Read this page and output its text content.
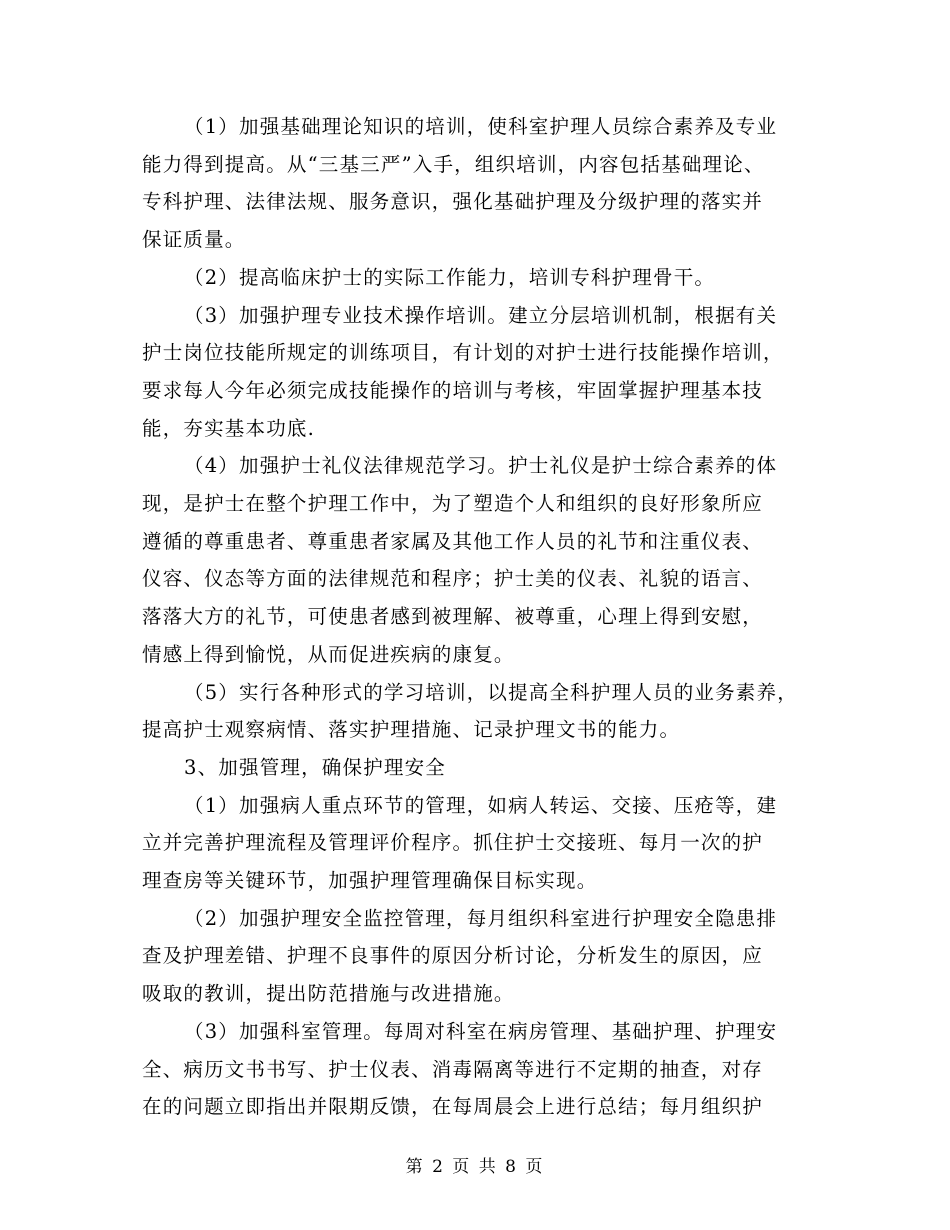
（1）加强基础理论知识的培训，使科室护理人员综合素养及专业
能力得到提高。从“三基三严”入手，组织培训，内容包括基础理论、
专科护理、法律法规、服务意识，强化基础护理及分级护理的落实并
保证质量。

（2）提高临床护士的实际工作能力，培训专科护理骨干。

（3）加强护理专业技术操作培训。建立分层培训机制，根据有关
护士岗位技能所规定的训练项目，有计划的对护士进行技能操作培训，
要求每人今年必须完成技能操作的培训与考核，牢固掌握护理基本技
能，夯实基本功底.

（4）加强护士礼仪法律规范学习。护士礼仪是护士综合素养的体
现，是护士在整个护理工作中，为了塑造个人和组织的良好形象所应
遵循的尊重患者、尊重患者家属及其他工作人员的礼节和注重仪表、
仪容、仪态等方面的法律规范和程序；护士美的仪表、礼貌的语言、
落落大方的礼节，可使患者感到被理解、被尊重，心理上得到安慰，
情感上得到愉悦，从而促进疾病的康复。

（5）实行各种形式的学习培训，以提高全科护理人员的业务素养，
提高护士观察病情、落实护理措施、记录护理文书的能力。

3、加强管理，确保护理安全

（1）加强病人重点环节的管理，如病人转运、交接、压疮等，建
立并完善护理流程及管理评价程序。抓住护士交接班、每月一次的护
理查房等关键环节，加强护理管理确保目标实现。

（2）加强护理安全监控管理，每月组织科室进行护理安全隐患排
查及护理差错、护理不良事件的原因分析讨论，分析发生的原因，应
吸取的教训，提出防范措施与改进措施。

（3）加强科室管理。每周对科室在病房管理、基础护理、护理安
全、病历文书书写、护士仪表、消毒隔离等进行不定期的抽查，对存
在的问题立即指出并限期反馈，在每周晨会上进行总结；每月组织护

第 2 页 共 8 页
